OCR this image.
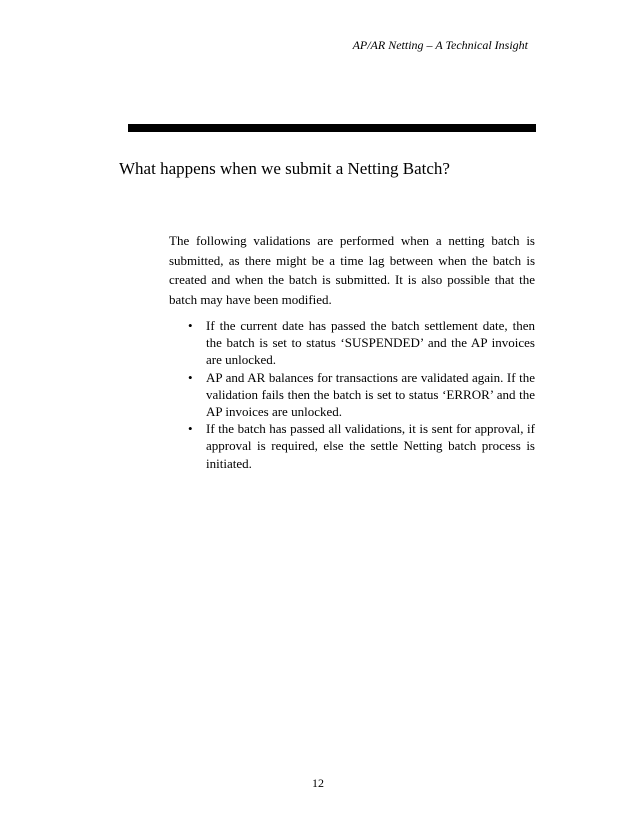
AP/AR Netting – A Technical Insight
What happens when we submit a Netting Batch?

The following validations are performed when a netting batch is submitted, as there might be a time lag between when the batch is created and when the batch is submitted. It is also possible that the batch may have been modified.

• If the current date has passed the batch settlement date, then the batch is set to status ‘SUSPENDED’ and the AP invoices are unlocked.
• AP and AR balances for transactions are validated again. If the validation fails then the batch is set to status ‘ERROR’ and the AP invoices are unlocked.
• If the batch has passed all validations, it is sent for approval, if approval is required, else the settle Netting batch process is initiated.
12
